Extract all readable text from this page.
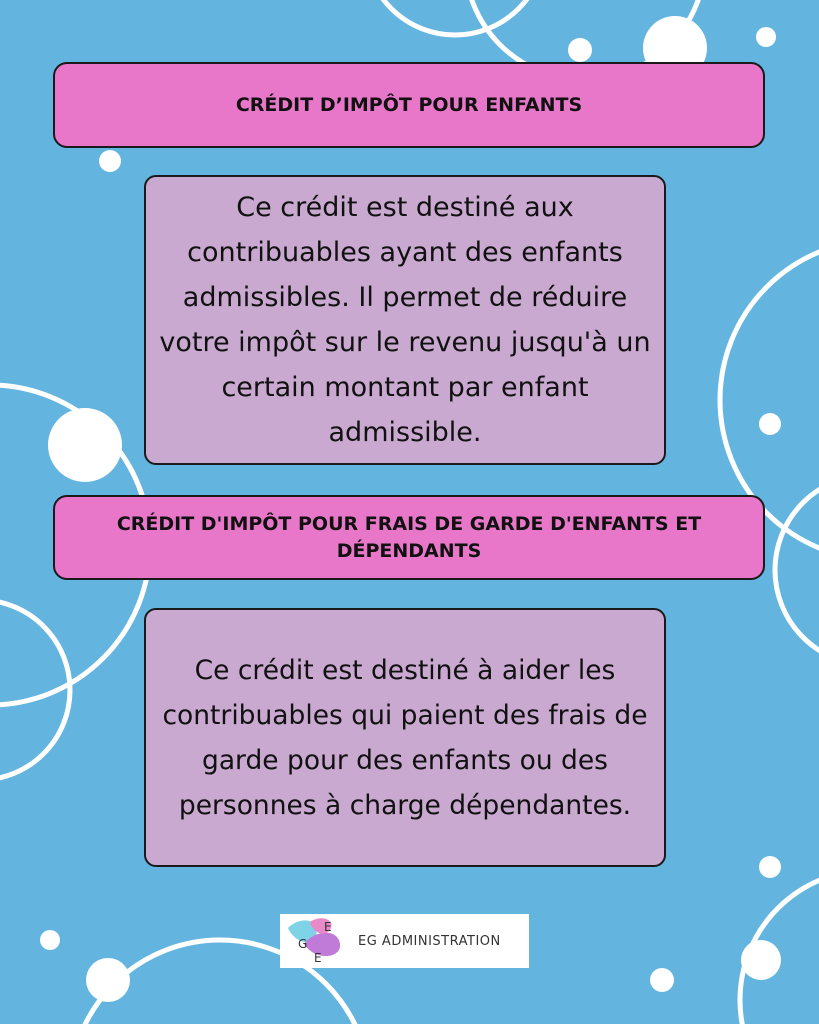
CRÉDIT D’IMPÔT POUR ENFANTS
Ce crédit est destiné aux contribuables ayant des enfants admissibles. Il permet de réduire votre impôt sur le revenu jusqu'à un certain montant par enfant admissible.
CRÉDIT D'IMPÔT POUR FRAIS DE GARDE D'ENFANTS ET DÉPENDANTS
Ce crédit est destiné à aider les contribuables qui paient des frais de garde pour des enfants ou des personnes à charge dépendantes.
E
G
E
EG ADMINISTRATION
